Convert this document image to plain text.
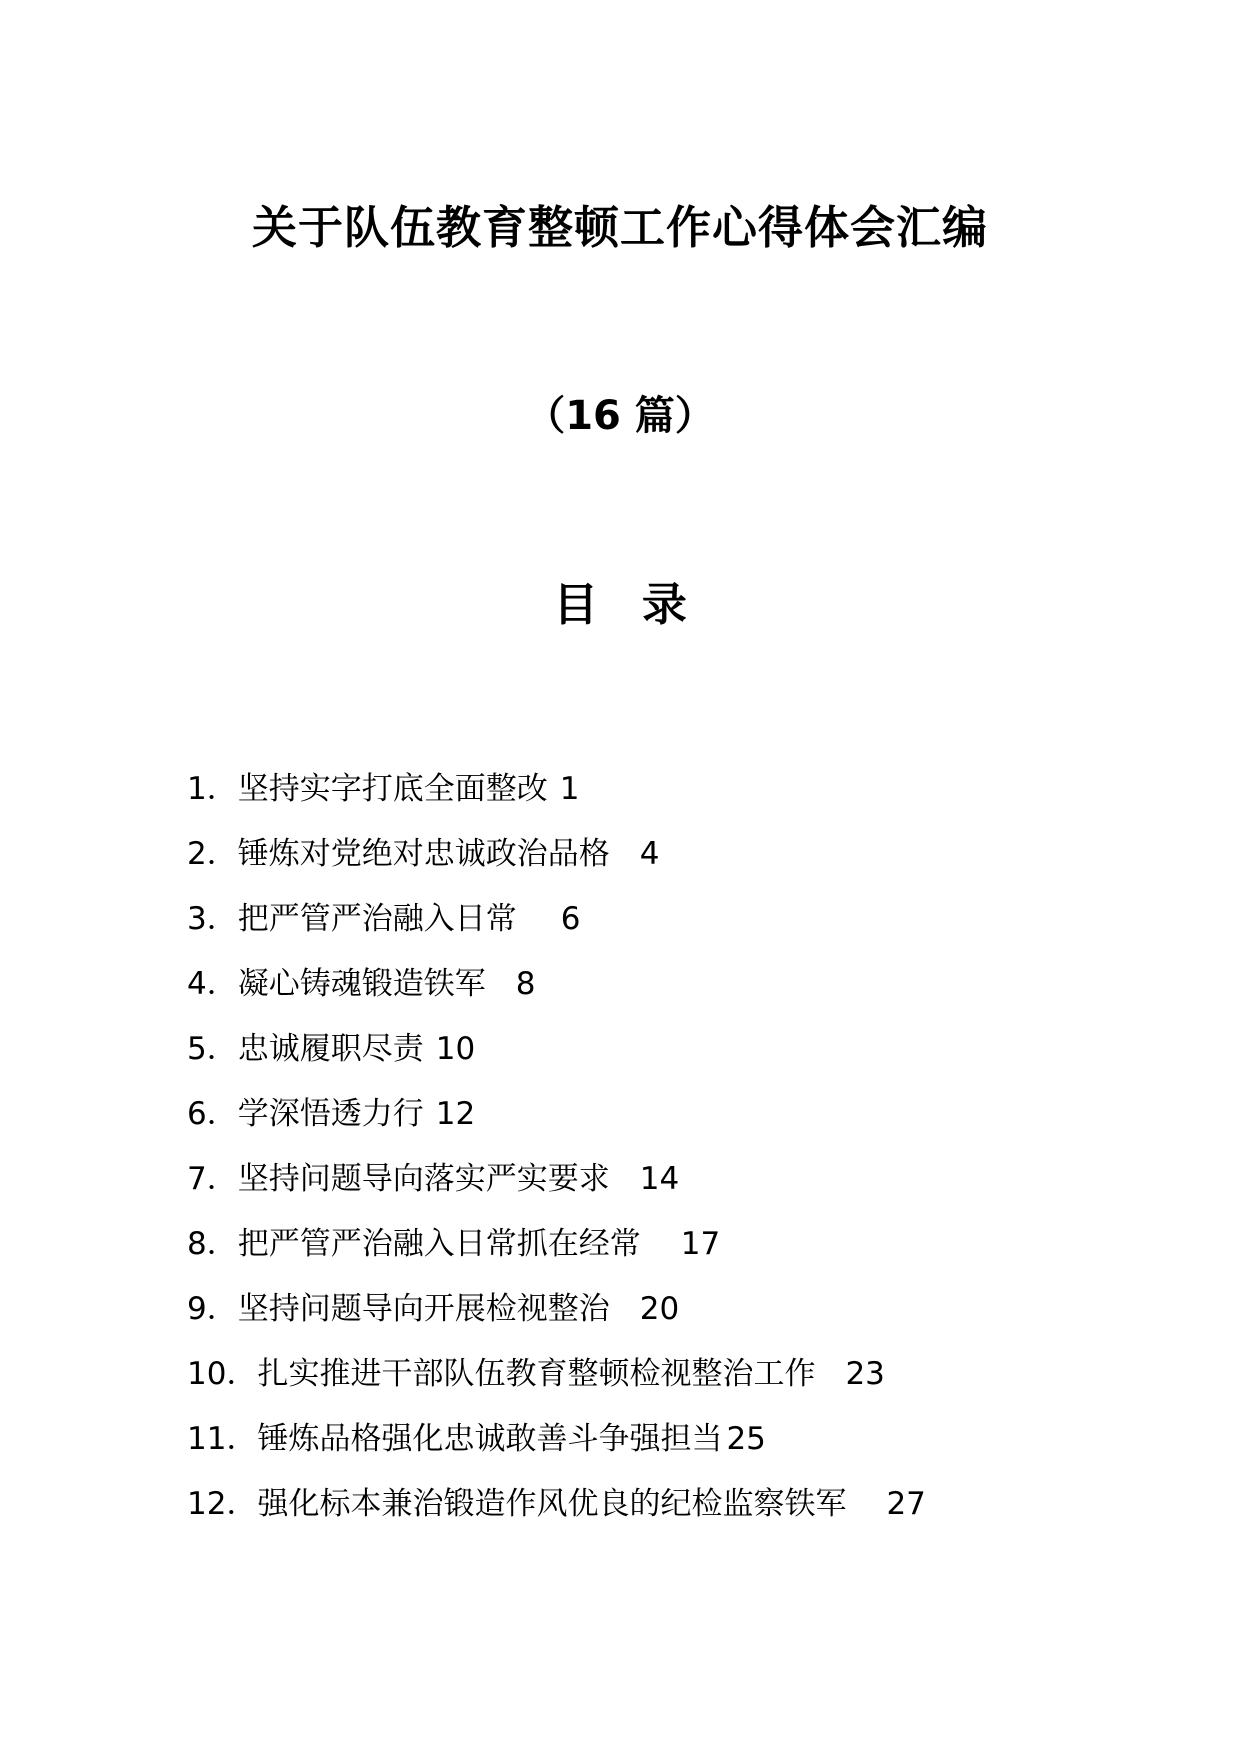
关于队伍教育整顿工作心得体会汇编
（16 篇）
目 录
1．坚持实字打底全面整改 1
2．锤炼对党绝对忠诚政治品格 4
3．把严管严治融入日常 6
4．凝心铸魂锻造铁军 8
5．忠诚履职尽责 10
6．学深悟透力行 12
7．坚持问题导向落实严实要求 14
8．把严管严治融入日常抓在经常 17
9．坚持问题导向开展检视整治 20
10．扎实推进干部队伍教育整顿检视整治工作 23
11．锤炼品格强化忠诚敢善斗争强担当 25
12．强化标本兼治锻造作风优良的纪检监察铁军 27
